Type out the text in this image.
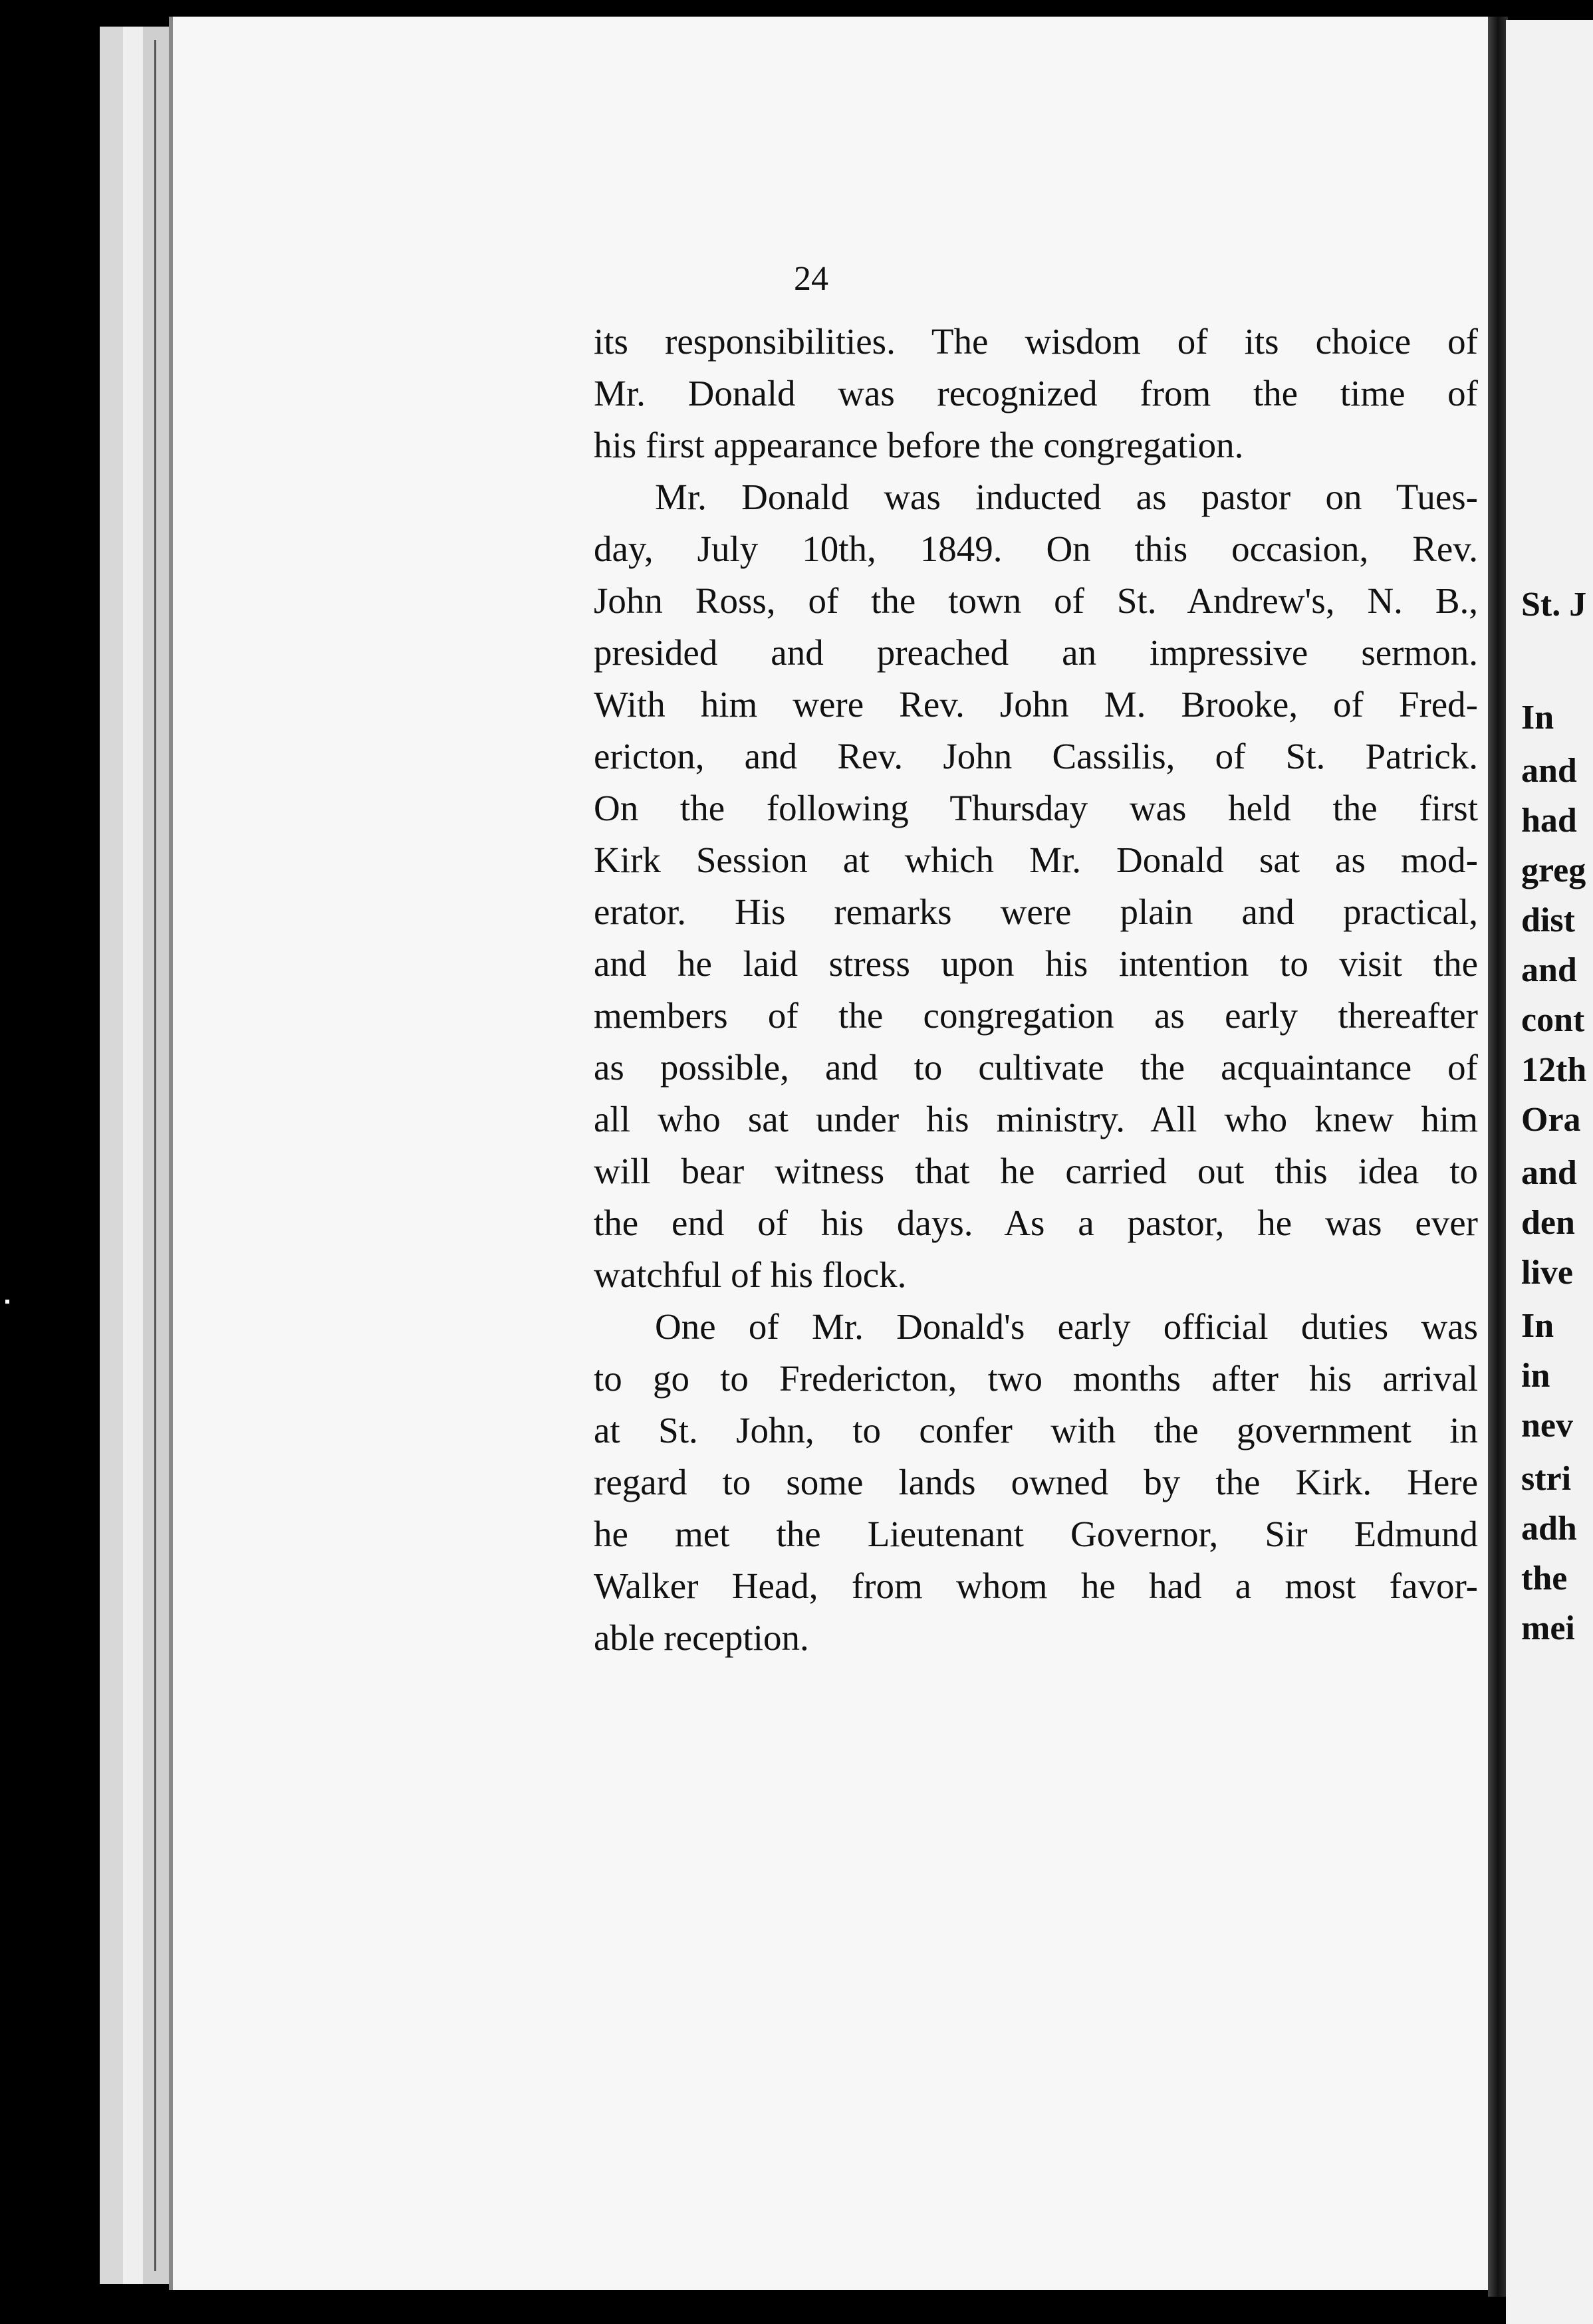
24
its responsibilities. The wisdom of its choice of
Mr. Donald was recognized from the time of
his first appearance before the congregation.
Mr. Donald was inducted as pastor on Tues-
day, July 10th, 1849. On this occasion, Rev.
John Ross, of the town of St. Andrew's, N. B.,
presided and preached an impressive sermon.
With him were Rev. John M. Brooke, of Fred-
ericton, and Rev. John Cassilis, of St. Patrick.
On the following Thursday was held the first
Kirk Session at which Mr. Donald sat as mod-
erator. His remarks were plain and practical,
and he laid stress upon his intention to visit the
members of the congregation as early thereafter
as possible, and to cultivate the acquaintance of
all who sat under his ministry. All who knew him
will bear witness that he carried out this idea to
the end of his days. As a pastor, he was ever
watchful of his flock.
One of Mr. Donald's early official duties was
to go to Fredericton, two months after his arrival
at St. John, to confer with the government in
regard to some lands owned by the Kirk. Here
he met the Lieutenant Governor, Sir Edmund
Walker Head, from whom he had a most favor-
able reception.
St. J
In
and
had
greg
dist
and
cont
12th
Ora
and
den
live
In
in
nev
stri
adh
the
mei
